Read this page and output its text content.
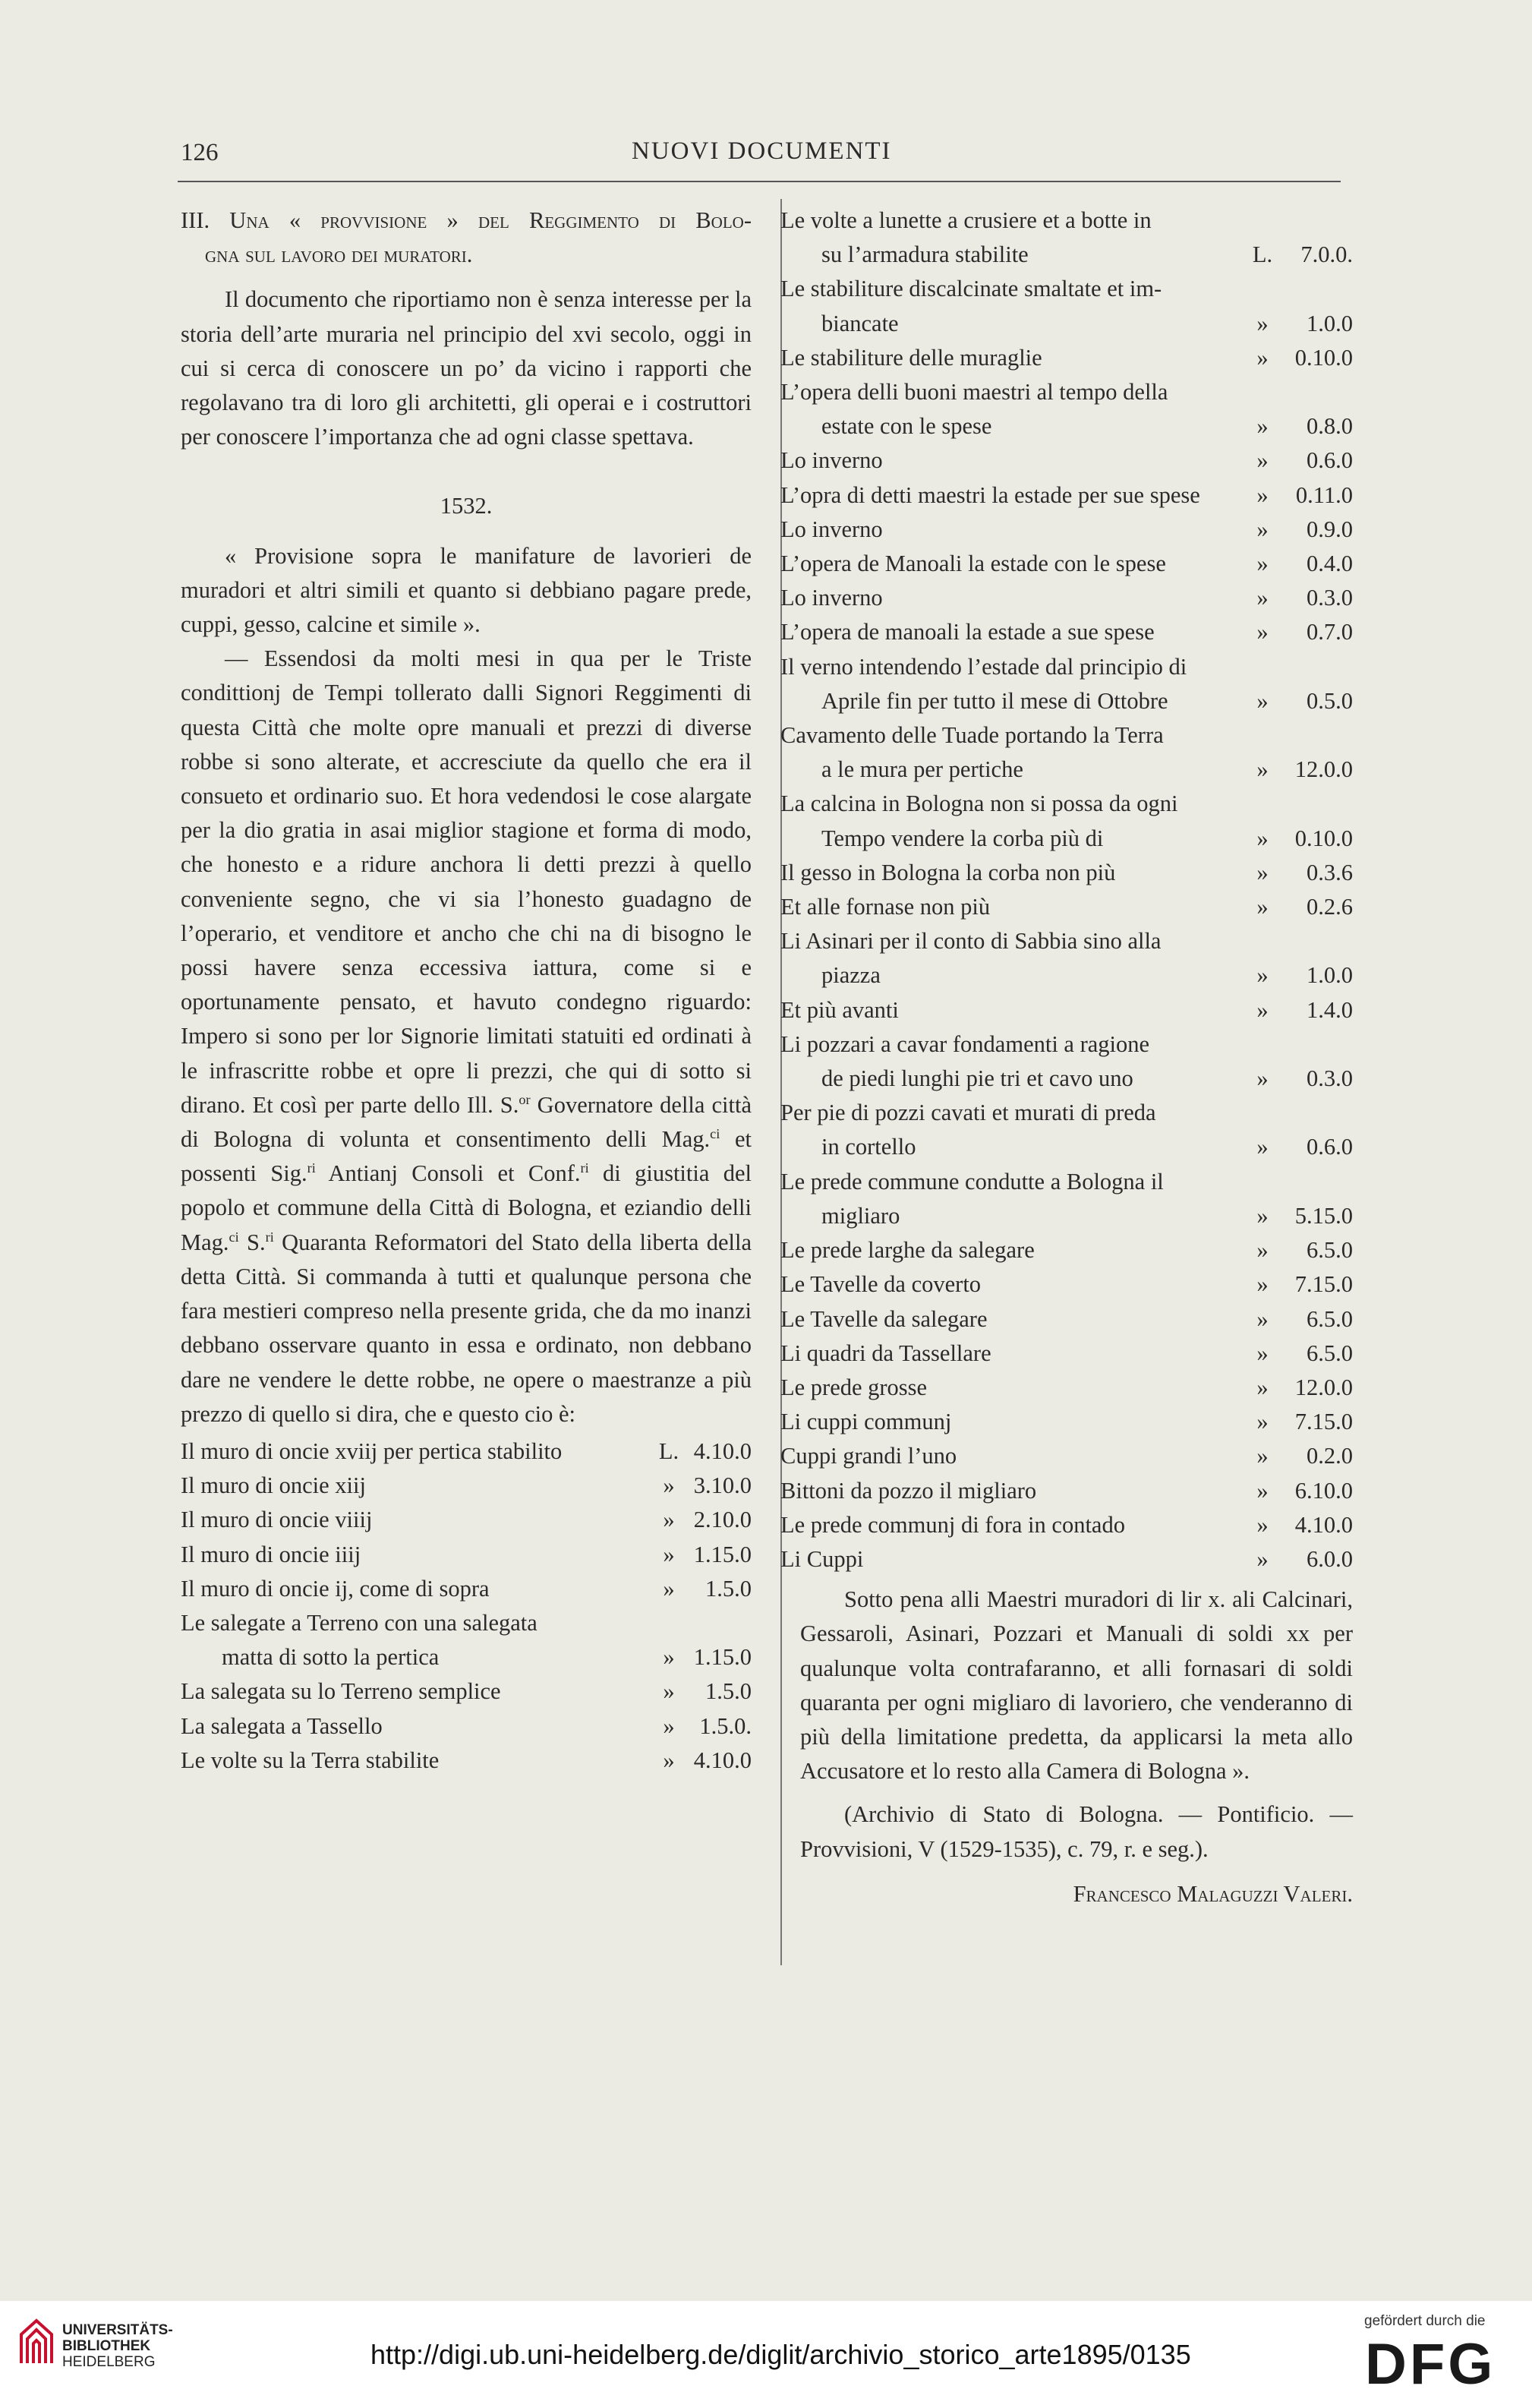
126	NUOVI DOCUMENTI
III. Una « provvisione » del Reggimento di Bolo-
gna sul lavoro dei muratori.

Il documento che riportiamo non è senza interesse per la storia dell’arte muraria nel principio del xvi secolo, oggi in cui si cerca di conoscere un po’ da vicino i rapporti che regolavano tra di loro gli architetti, gli operai e i costruttori per conoscere l’importanza che ad ogni classe spettava.

1532.

« Provisione sopra le manifature de lavorieri de muradori et altri simili et quanto si debbiano pagare prede, cuppi, gesso, calcine et simile ».

— Essendosi da molti mesi in qua per le Triste condittionj de Tempi tollerato dalli Signori Reggimenti di questa Città che molte opre manuali et prezzi di diverse robbe si sono alterate, et accresciute da quello che era il consueto et ordinario suo. Et hora vedendosi le cose alargate per la dio gratia in asai miglior stagione et forma di modo, che honesto e a ridure anchora li detti prezzi à quello conveniente segno, che vi sia l’honesto guadagno de l’operario, et venditore et ancho che chi na di bisogno le possi havere senza eccessiva iattura, come si e oportunamente pensato, et havuto condegno riguardo: Impero si sono per lor Signorie limitati statuiti ed ordinati à le infrascritte robbe et opre li prezzi, che qui di sotto si dirano. Et così per parte dello Ill. S.$^{or}$ Governatore della città di Bologna di volunta et consentimento delli Mag.$^{ci}$ et possenti Sig.$^{ri}$ Antianj Consoli et Conf.$^{ri}$ di giustitia del popolo et commune della Città di Bologna, et eziandio delli Mag.$^{ci}$ S.$^{ri}$ Quaranta Reformatori del Stato della liberta della detta Città. Si commanda à tutti et qualunque persona che fara mestieri compreso nella presente grida, che da mo inanzi debbano osservare quanto in essa e ordinato, non debbano dare ne vendere le dette robbe, ne opere o maestranze a più prezzo di quello si dira, che e questo cio è:

Il muro di oncie xviij per pertica stabilito	L. 4.10.0
Il muro di oncie xiij	» 3.10.0
Il muro di oncie viiij	» 2.10.0
Il muro di oncie iiij	» 1.15.0
Il muro di oncie ij, come di sopra	»	1.5.0
Le salegate a Terreno con una salegata
matta di sotto la pertica	» 1.15.0
La salegata su lo Terreno semplice	»	1.5.0
La salegata a Tassello	»	1.5.0.
Le volte su la Terra stabilite	» 4.10.0
Le volte a lunette a crusiere et a botte in
su l’armadura stabilite	L.	7.0.0.
Le stabiliture discalcinate smaltate et im-
biancate	»	1.0.0
Le stabiliture delle muraglie	»	0.10.0
L’opera delli buoni maestri al tempo della
estate con le spese	»	0.8.0
Lo inverno	»	0.6.0
L’opra di detti maestri la estade per sue spese	»	0.11.0
Lo inverno	»	0.9.0
L’opera de Manoali la estade con le spese	»	0.4.0
Lo inverno	»	0.3.0
L’opera de manoali la estade a sue spese	»	0.7.0
Il verno intendendo l’estade dal principio di
Aprile fin per tutto il mese di Ottobre	»	0.5.0
Cavamento delle Tuade portando la Terra
a le mura per pertiche	»	12.0.0
La calcina in Bologna non si possa da ogni
Tempo vendere la corba più di	»	0.10.0
Il gesso in Bologna la corba non più	»	0.3.6
Et alle fornase non più	»	0.2.6
Li Asinari per il conto di Sabbia sino alla
piazza	»	1.0.0
Et più avanti	»	1.4.0
Li pozzari a cavar fondamenti a ragione
de piedi lunghi pie tri et cavo uno	»	0.3.0
Per pie di pozzi cavati et murati di preda
in cortello	»	0.6.0
Le prede commune condutte a Bologna il
migliaro	»	5.15.0
Le prede larghe da salegare	»	6.5.0
Le Tavelle da coverto	»	7.15.0
Le Tavelle da salegare	»	6.5.0
Li quadri da Tassellare	»	6.5.0
Le prede grosse	»	12.0.0
Li cuppi communj	»	7.15.0
Cuppi grandi l’uno	»	0.2.0
Bittoni da pozzo il migliaro	»	6.10.0
Le prede communj di fora in contado	»	4.10.0
Li Cuppi	»	6.0.0

Sotto pena alli Maestri muradori di lir x. ali Calcinari, Gessaroli, Asinari, Pozzari et Manuali di soldi xx per qualunque volta contrafaranno, et alli fornasari di soldi quaranta per ogni migliaro di lavoriero, che venderanno di più della limitatione predetta, da applicarsi la meta allo Accusatore et lo resto alla Camera di Bologna ».

(Archivio di Stato di Bologna. — Pontificio. — Provvisioni, V (1529-1535), c. 79, r. e seg.).

Francesco Malaguzzi Valeri.
UNIVERSITÄTS-
BIBLIOTHEK
HEIDELBERG	http://digi.ub.uni-heidelberg.de/diglit/archivio_storico_arte1895/0135
gefördert durch die
DFG
